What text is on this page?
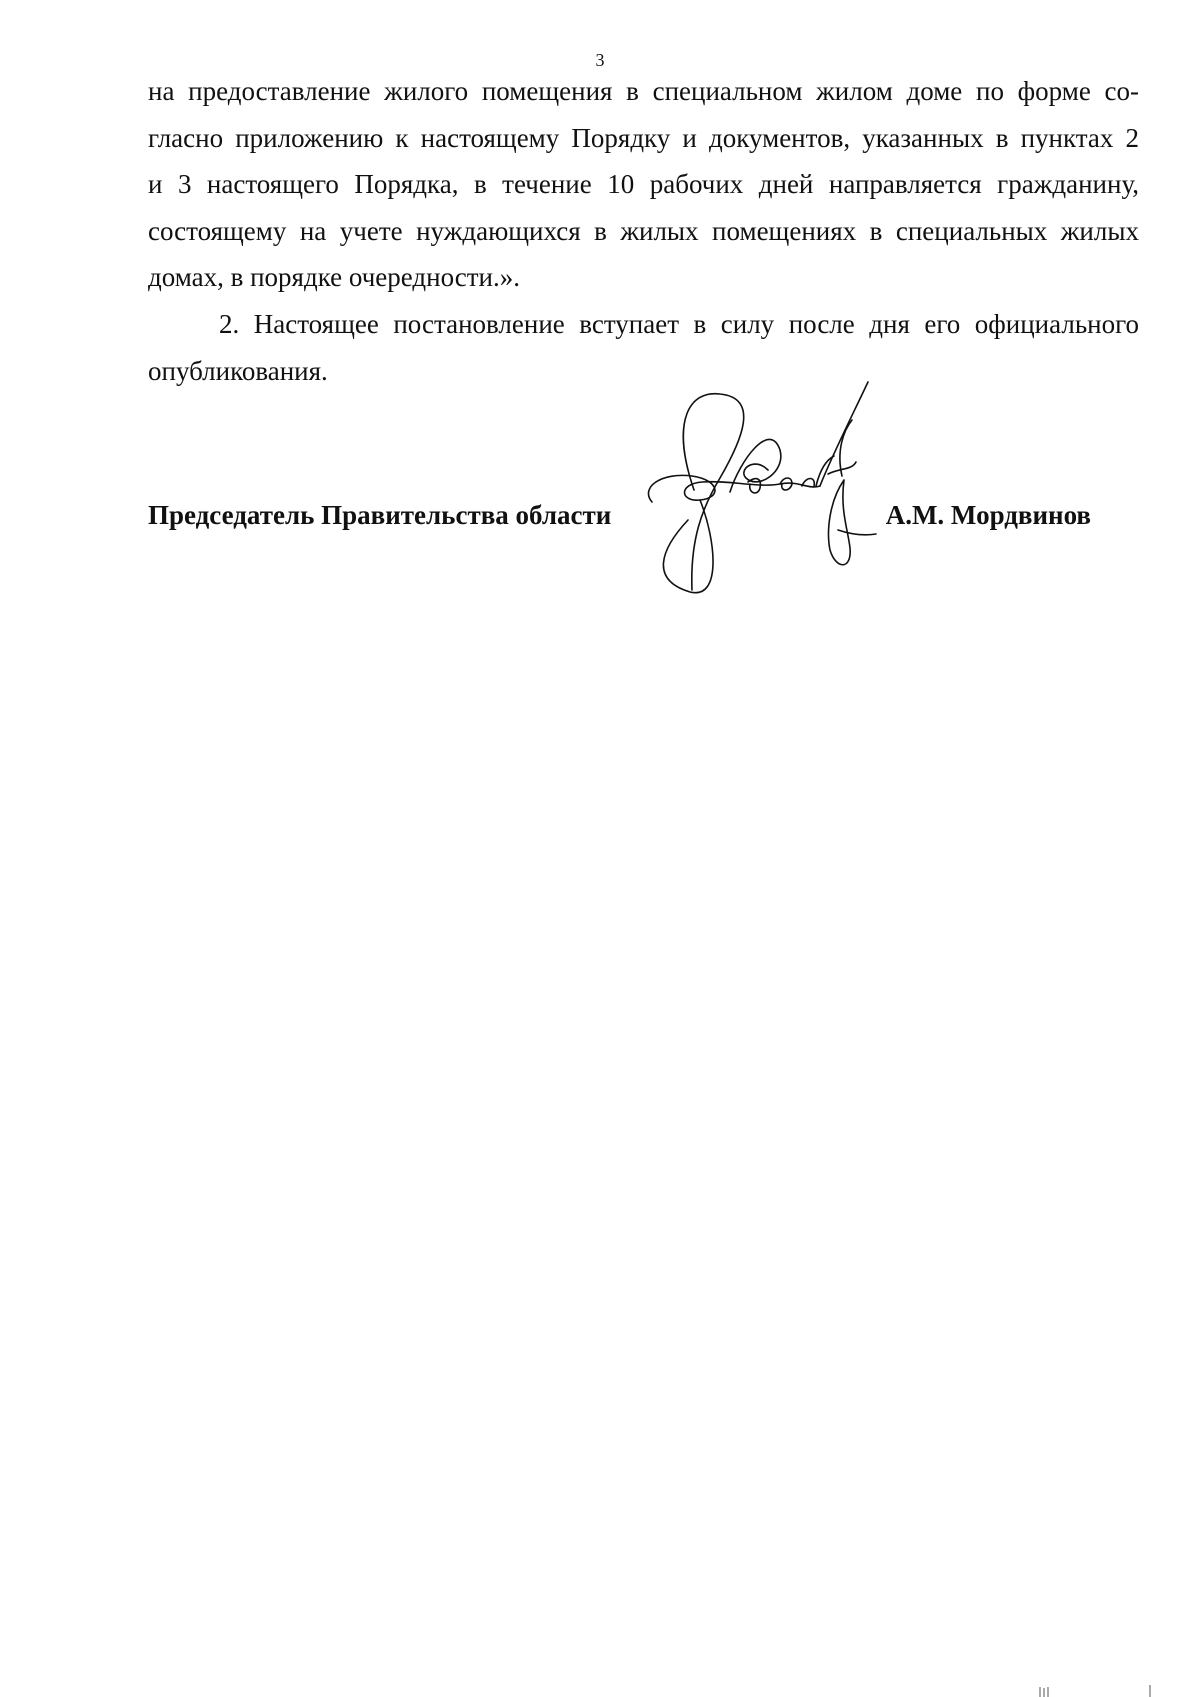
3

на предоставление жилого помещения в специальном жилом доме по форме со-
гласно приложению к настоящему Порядку и документов, указанных в пунктах 2
и 3 настоящего Порядка, в течение 10 рабочих дней направляется гражданину,
состоящему на учете нуждающихся в жилых помещениях в специальных жилых
домах, в порядке очередности.».

2. Настоящее постановление вступает в силу после дня его официального
опубликования.

Председатель Правительства области	А.М. Мордвинов
